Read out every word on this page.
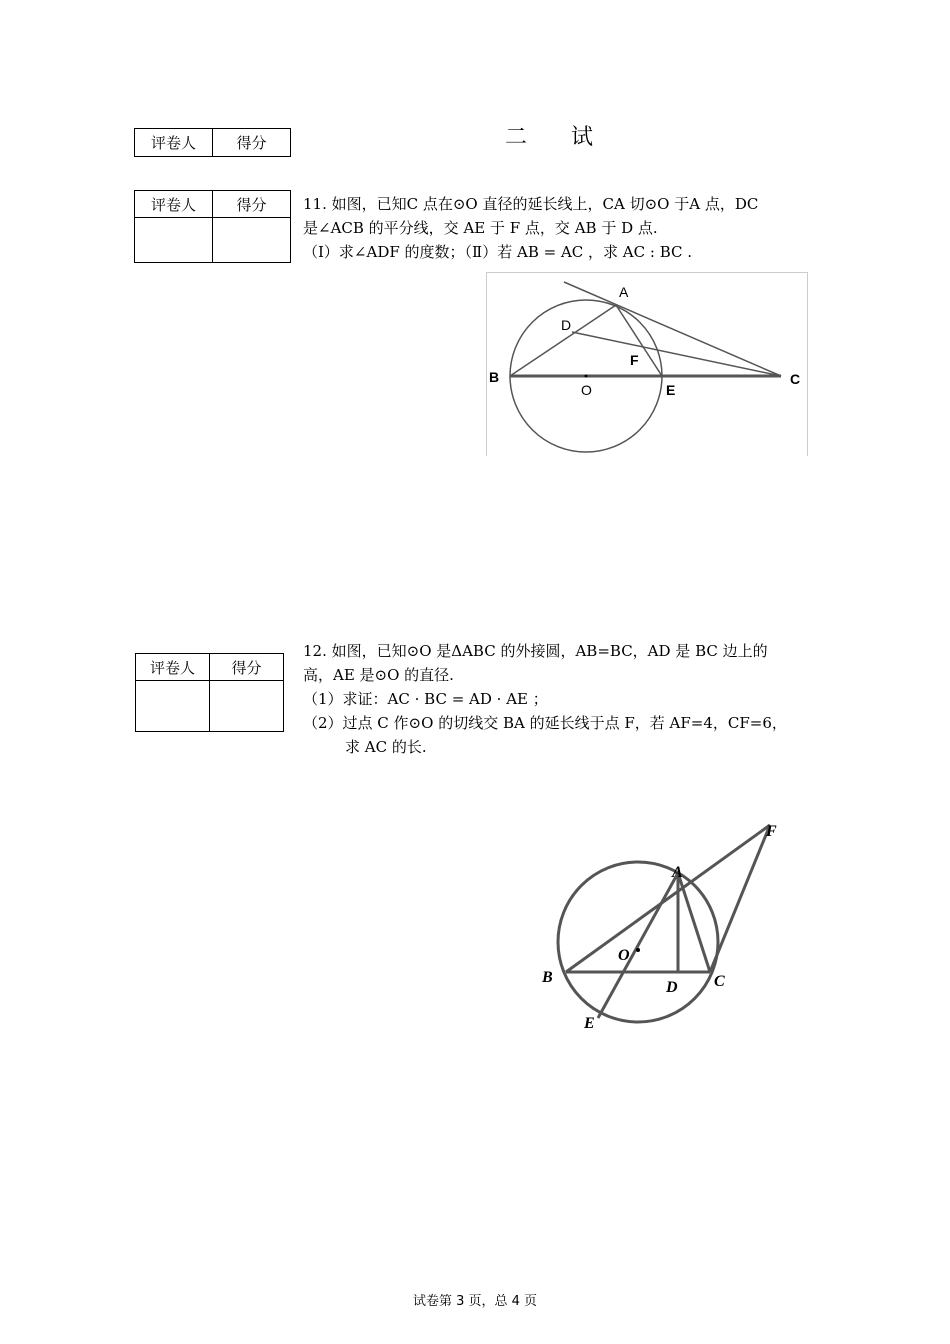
评卷人	得分	二试
评卷人	得分
	11. 如图，已知C 点在⊙O 直径的延长线上，CA 切⊙O 于A 点，DC

是∠ACB 的平分线，交 AE 于 F 点，交 AB 于 D 点.

（Ⅰ）求∠ADF 的度数；（Ⅱ）若 AB = AC ，求 AC : BC .

A
D
F
B
O	E
C
评卷人	得分

12. 如图，已知⊙O 是ΔABC 的外接圆，AB=BC，AD 是 BC 边上的

高，AE 是⊙O 的直径.

（1）求证：AC · BC = AD · AE ；

（2）过点 C 作⊙O 的切线交 BA 的延长线于点 F，若 AF=4，CF=6，

求 AC 的长.

F
A
O
B
D C
E
试卷第 3 页，总 4 页
